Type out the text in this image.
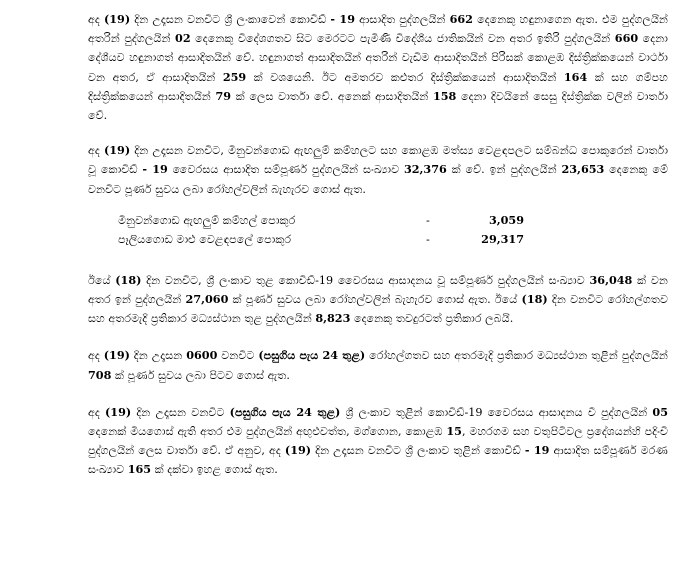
අද (19) දින උදෑසන වනවිට ශ්‍රී ලංකාවෙන් කොවිඩ් - 19 ආසාදිත පුද්ගලයින් 662 දෙනෙකු හඳුනාගෙන ඇත. එම පුද්ගලයින් අතරින් පුද්ගලයින් 02 දෙනෙකු විදේශගතව සිට මෙරටට පැමිණි විදේශීය ජාතිකයින් වන අතර ඉතිරි පුද්ගලයින් 660 දෙනා දේශීයව හඳුනාගත් ආසාදිතයින් වේ. හඳුනාගත් ආසාදිතයින් අතරින් වැඩිම ආසාදිතයින් පිරිසක් කොළඹ දිස්ත්‍රික්කයෙන් වාර්ථා වන අතර, ඒ ආසාදිතයින් 259 ක් වශයෙනි. ඊට අමතරව කළුතර දිස්ත්‍රික්කයෙන් ආසාදිතයින් 164 ක් සහ ගම්පහ දිස්ත්‍රික්කයෙන් ආසාදිතයින් 79 ක් ලෙස වාර්තා වේ. අනෙක් ආසාදිතයින් 158 දෙනා දිවයිනේ සෙසු දිස්ත්‍රික්ක වලින් වාර්තා වේ.

අද (19) දින උදෑසන වනවිට, මිනුවන්ගොඩ ඇඟලුම් කම්හලට සහ කොළඹ මත්ස්‍ය වෙළඳපලට සම්බන්ධ පොකුරෙන් වාර්තා වූ කොවිඩ් - 19 වෛරසය ආසාදිත සම්පූර්ණ පුද්ගලයින් සංඛ්‍යාව 32,376 ක් වේ. ඉන් පුද්ගලයින් 23,653 දෙනෙකු මේ වනවිට පූර්ණ සුවය ලබා රෝහල්වලින් බැහැරව ගොස් ඇත.

මිනුවන්ගොඩ ඇඟලුම් කම්හල් පොකුර	-	3,059
පෑලියගොඩ මාළු වෙළඳපලේ පොකුර	-	29,317

ඊයේ (18) දින වනවිට, ශ්‍රී ලංකාව තුළ කොවිඩ්-19 වෛරසය ආසාදනය වූ සම්පූර්ණ පුද්ගලයින් සංඛ්‍යාව 36,048 ක් වන අතර ඉන් පුද්ගලයින් 27,060 ක් පූර්ණ සුවය ලබා රෝහල්වලින් බැහැරව ගොස් ඇත. ඊයේ (18) දින වනවිට රෝහල්ගතව සහ අතරමැදි ප්‍රතිකාර මධ්‍යස්ථාන තුළ පුද්ගලයින් 8,823 දෙනෙකු තවදුරටත් ප්‍රතිකාර ලබයි.

අද (19) දින උදෑසන 0600 වනවිට (පසුගිය පැය 24 තුළ) රෝහල්ගතව සහ අතරමැදි ප්‍රතිකාර මධ්‍යස්ථාන තුළින් පුද්ගලයින් 708 ක් පූර්ණ සුවය ලබා පිටව ගොස් ඇත.

අද (19) දින උදෑසන වනවිට (පසුගිය පැය 24 තුළ) ශ්‍රී ලංකාව තුළින් කොවිඩ්-19 වෛරසය ආසාදනය වී පුද්ගලයින් 05 දෙනෙක් මියගොස් ඇති අතර එම පුද්ගලයින් අඟුළුවත්ත, මග්ගොන, කොළඹ 15, මහරගම සහ වතුපිටිවල ප්‍රදේශයන්හි පදිංචි පුද්ගලයින් ලෙස වාර්තා වේ. ඒ අනුව, අද (19) දින උදෑසන වනවිට ශ්‍රී ලංකාව තුළින් කොවිඩ් - 19 ආසාදිත සම්පූර්ණ මරණ සංඛ්‍යාව 165 ක් දක්වා ඉහළ ගොස් ඇත.
